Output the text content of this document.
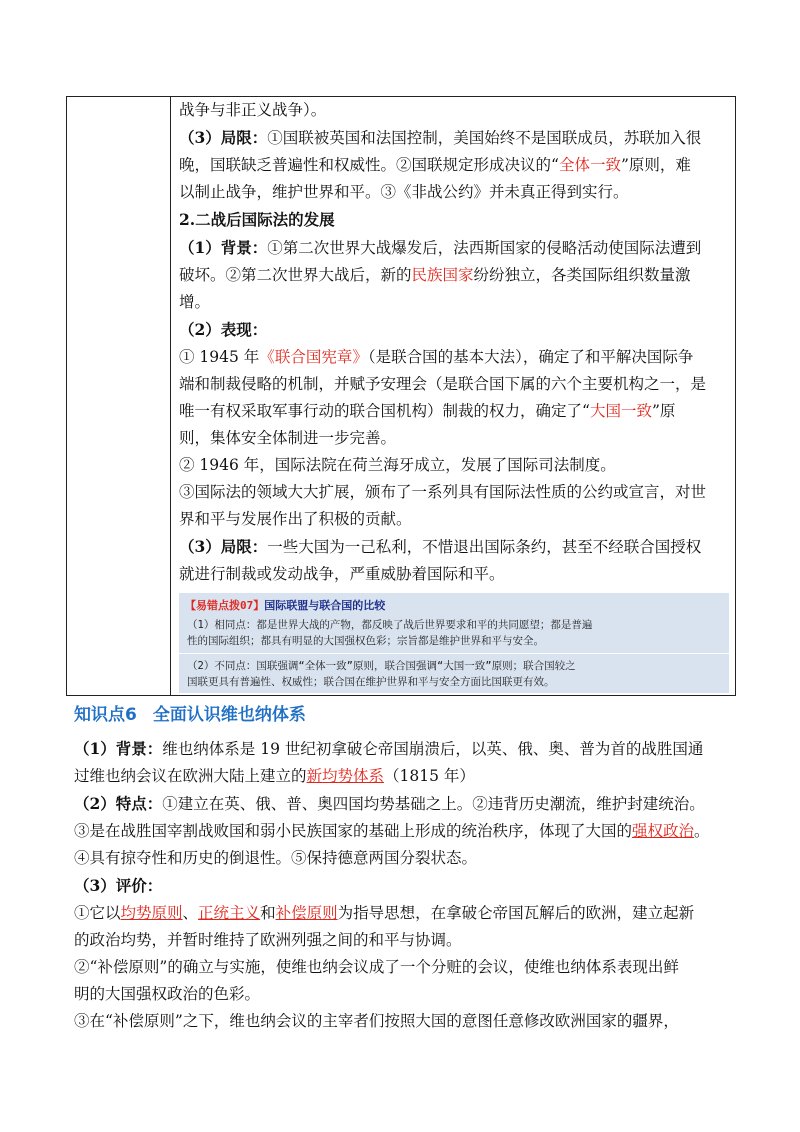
战争与非正义战争）。

（3）局限：①国联被英国和法国控制，美国始终不是国联成员，苏联加入很

晚，国联缺乏普遍性和权威性。②国联规定形成决议的“全体一致”原则，难

以制止战争，维护世界和平。③《非战公约》并未真正得到实行。

2.二战后国际法的发展

（1）背景：①第二次世界大战爆发后，法西斯国家的侵略活动使国际法遭到

破坏。②第二次世界大战后，新的民族国家纷纷独立，各类国际组织数量激

增。

（2）表现：

① 1945 年《联合国宪章》（是联合国的基本大法），确定了和平解决国际争

端和制裁侵略的机制，并赋予安理会（是联合国下属的六个主要机构之一，是

唯一有权采取军事行动的联合国机构）制裁的权力，确定了“大国一致”原

则，集体安全体制进一步完善。

② 1946 年，国际法院在荷兰海牙成立，发展了国际司法制度。

③国际法的领域大大扩展，颁布了一系列具有国际法性质的公约或宣言，对世

界和平与发展作出了积极的贡献。

（3）局限：一些大国为一己私利，不惜退出国际条约，甚至不经联合国授权

就进行制裁或发动战争，严重威胁着国际和平。

【易错点拨07】国际联盟与联合国的比较
（1）相同点：都是世界大战的产物，都反映了战后世界要求和平的共同愿望；都是普遍
性的国际组织；都具有明显的大国强权色彩；宗旨都是维护世界和平与安全。
（2）不同点：国联强调“全体一致”原则，联合国强调“大国一致”原则；联合国较之
国联更具有普遍性、权威性；联合国在维护世界和平与安全方面比国联更有效。
知识点6 全面认识维也纳体系

（1）背景：维也纳体系是 19 世纪初拿破仑帝国崩溃后，以英、俄、奥、普为首的战胜国通

过维也纳会议在欧洲大陆上建立的新均势体系（1815 年）

（2）特点：①建立在英、俄、普、奥四国均势基础之上。②违背历史潮流，维护封建统治。

③是在战胜国宰割战败国和弱小民族国家的基础上形成的统治秩序，体现了大国的强权政治。

④具有掠夺性和历史的倒退性。⑤保持德意两国分裂状态。

（3）评价：

①它以均势原则、正统主义和补偿原则为指导思想，在拿破仑帝国瓦解后的欧洲，建立起新

的政治均势，并暂时维持了欧洲列强之间的和平与协调。

②“补偿原则”的确立与实施，使维也纳会议成了一个分赃的会议，使维也纳体系表现出鲜

明的大国强权政治的色彩。

③在“补偿原则”之下，维也纳会议的主宰者们按照大国的意图任意修改欧洲国家的疆界，
